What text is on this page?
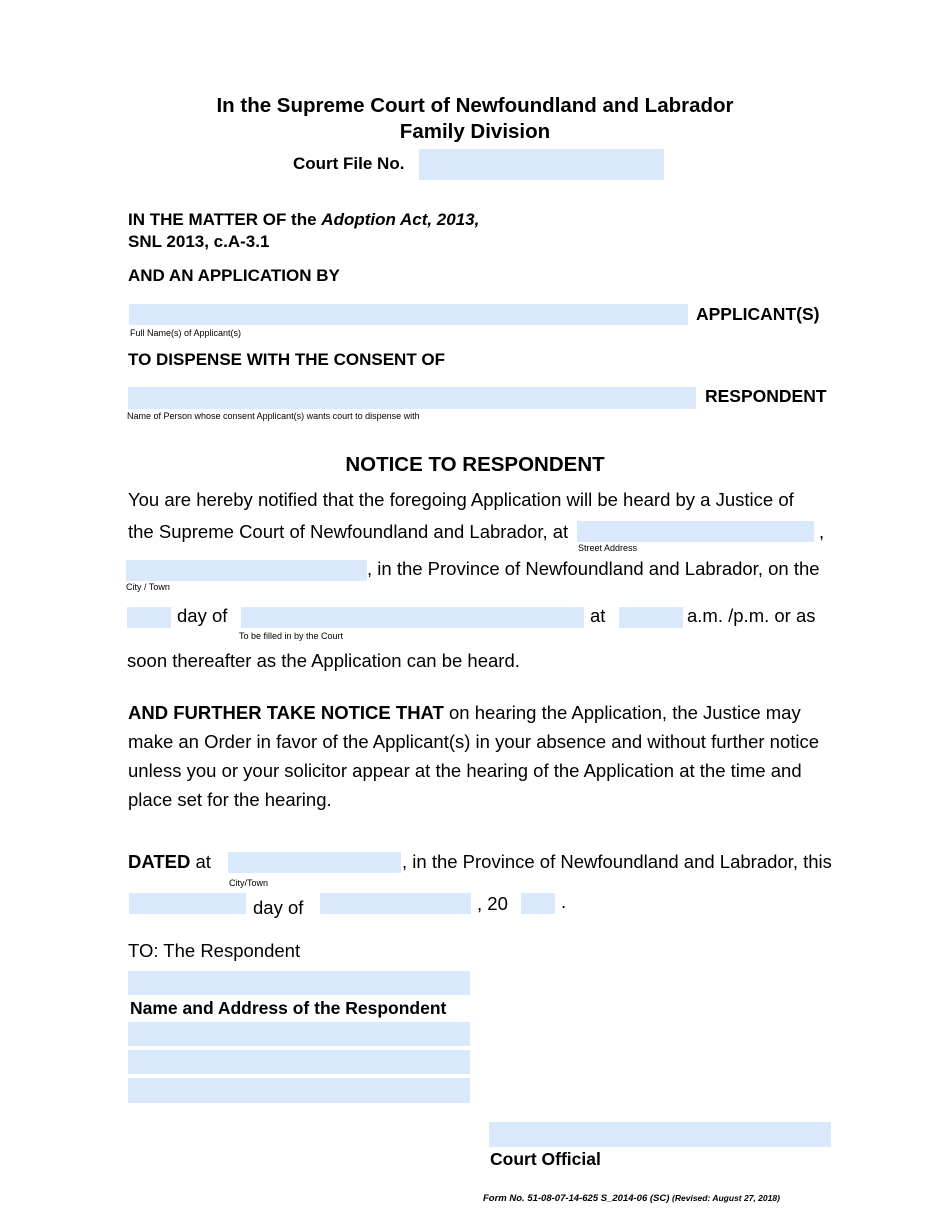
In the Supreme Court of Newfoundland and Labrador
Family Division
Court File No.
IN THE MATTER OF the Adoption Act, 2013,
SNL 2013, c.A-3.1
AND AN APPLICATION BY
APPLICANT(S)
Full Name(s) of Applicant(s)
TO DISPENSE WITH THE CONSENT OF
RESPONDENT
Name of Person whose consent Applicant(s) wants court to dispense with
NOTICE TO RESPONDENT
You are hereby notified that the foregoing Application will be heard by a Justice of
the Supreme Court of Newfoundland and Labrador, at	,
Street Address
, in the Province of Newfoundland and Labrador, on the
City / Town
day of	at	a.m. /p.m. or as
To be filled in by the Court
soon thereafter as the Application can be heard.
AND FURTHER TAKE NOTICE THAT on hearing the Application, the Justice may
make an Order in favor of the Applicant(s) in your absence and without further notice
unless you or your solicitor appear at the hearing of the Application at the time and
place set for the hearing.
DATED at	, in the Province of Newfoundland and Labrador, this
City/Town
day of	, 20	.
TO: The Respondent
Name and Address of the Respondent
Court Official
Form No. 51-08-07-14-625 S_2014-06 (SC) (Revised: August 27, 2018)
